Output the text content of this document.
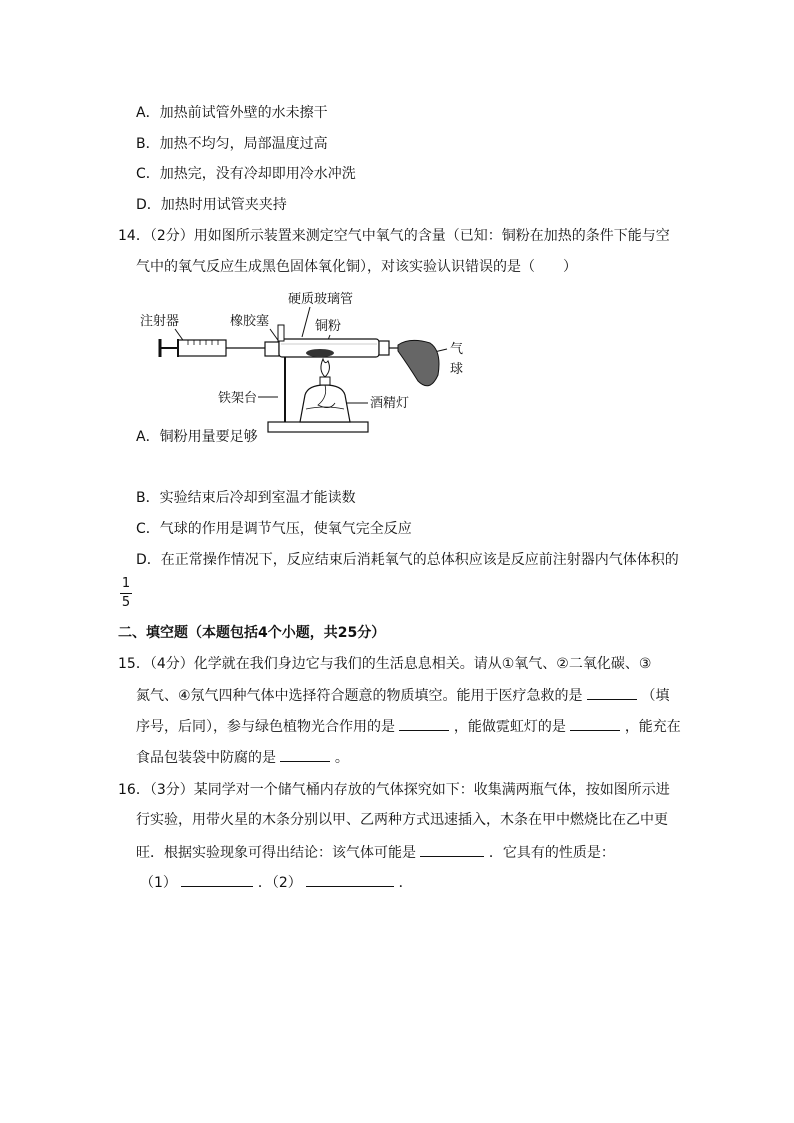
A．加热前试管外壁的水未擦干
B．加热不均匀，局部温度过高
C．加热完，没有冷却即用冷水冲洗
D．加热时用试管夹夹持
14．（2分）用如图所示装置来测定空气中氧气的含量（已知：铜粉在加热的条件下能与空
气中的氧气反应生成黑色固体氧化铜），对该实验认识错误的是（　　）
注射器	橡胶塞
硬质玻璃管
铜粉
气
球
铁架台	酒精灯
A．铜粉用量要足够
B．实验结束后冷却到室温才能读数
C．气球的作用是调节气压，使氧气完全反应
D．在正常操作情况下，反应结束后消耗氧气的总体积应该是反应前注射器内气体体积的
1
5
二、填空题（本题包括4个小题，共25分）
15．（4分）化学就在我们身边它与我们的生活息息相关。请从①氧气、②二氧化碳、③
氮气、④氖气四种气体中选择符合题意的物质填空。能用于医疗急救的是	（填
序号，后同），参与绿色植物光合作用的是	，能做霓虹灯的是	，能充在
食品包装袋中防腐的是	。
16．（3分）某同学对一个储气桶内存放的气体探究如下：收集满两瓶气体，按如图所示进
行实验，用带火星的木条分别以甲、乙两种方式迅速插入，木条在甲中燃烧比在乙中更
旺．根据实验现象可得出结论：该气体可能是	．它具有的性质是：
（1）	．（2）	．
